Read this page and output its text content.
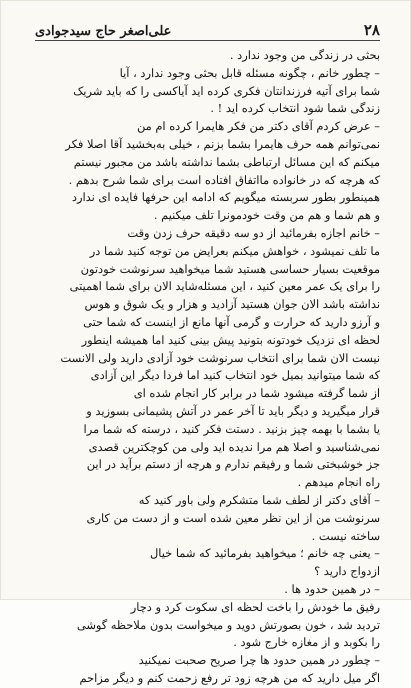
٢٨
علی‌اصغر حاج سید‌جوادی

بحثی در زندگی من وجود ندارد .

– چطور خانم ، چگونه مسئله قابل بحثی وجود ندارد ، آیا

شما برای آتیه فرزندانتان فکری کرده اید آیاکسی را که باید شریک

زندگی شما شود انتخاب کرده اید ! .

– عرض کردم آقای دکتر من فکر هایمرا کرده ام من

نمی‌توانم همه حرف هایمرا بشما بزنم ، خیلی به‌بخشید آقا اصلا فکر

میکنم که این مسائل ارتباطی بشما نداشته باشد من مجبور نیستم

که هرچه که در خانواده ما‌اتفاق افتاده است برای شما شرح بدهم .

همینطور بطور سربسته میگویم که ادامه این حرفها فایده ای ندارد

و هم شما و هم من وقت خودمونرا تلف میکنیم .

– خانم اجازه بفرمائید از دو سه دقیقه حرف زدن وقت

ما تلف نمیشود ، خواهش میکنم بعرایض من توجه کنید شما در

موقعیت بسیار حساسی هستید شما میخواهید سرنوشت خودتون

را برای یک عمر معین کنید ، این مسئله‌شاید الان برای شما اهمیتی

نداشته باشد الان جوان هستید آزادید و هزار و یک شوق و هوس

و آرزو دارید که حرارت و گرمی آنها مانع از اینست که شما حتی

لحظه ای نزدیک خودتونه بتونید پیش بینی کنید اما همیشه اینطور

نیست الان شما برای انتخاب سرنوشت خود آزادی دارید ولی الانست

که شما میتوانید بمیل خود انتخاب کنید اما فردا دیگر این آزادی

از شما گرفته میشود شما در برابر کار انجام شده ای

قرار میگیرید و دیگر باید تا آخر عمر در آتش پشیمانی بسوزید و

یا بشما با بهمه چیز بزنید . دستت فکر کنید ، درسته که شما مرا

نمی‌شناسید و اصلا هم مرا ندیده اید ولی من کوچکترین قصدی

جز خوشبختی شما و رفیقم ندارم و هرچه از دستم برآید در این

راه انجام میدهم .

– آقای دکتر از لطف شما متشکرم ولی باور کنید که

سرنوشت من از این نظر معین شده است و از دست من کاری

ساخته نیست .

– یعنی چه خانم ؛ میخواهید بفرمائید که شما خیال

ازدواج دارید ؟

– در همین حدود ها .

رفیق ما خودش را باخت لحظه ای سکوت کرد و دچار

تردید شد ، خون بصورتش دوید و میخواست بدون ملاحظه گوشی

را بکوبد و از مغازه خارج شود .

– چطور در همین حدود ها چرا صریح صحبت نمیکنید

اگر میل دارید که من هرچه زود تر رفع زحمت کنم و دیگر مزاحم
